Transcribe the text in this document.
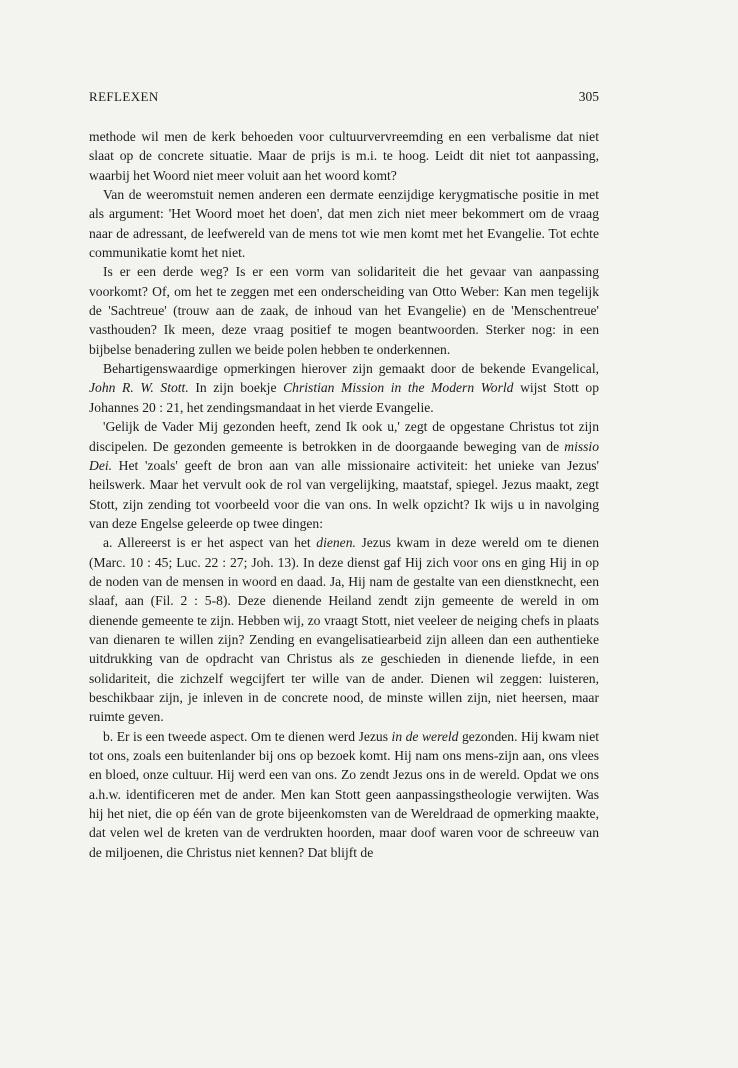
REFLEXEN	305

methode wil men de kerk behoeden voor cultuurvervreemding en een verbalisme dat niet slaat op de concrete situatie. Maar de prijs is m.i. te hoog. Leidt dit niet tot aanpassing, waarbij het Woord niet meer voluit aan het woord komt?

Van de weeromstuit nemen anderen een dermate eenzijdige kerygmatische positie in met als argument: 'Het Woord moet het doen', dat men zich niet meer bekommert om de vraag naar de adressant, de leefwereld van de mens tot wie men komt met het Evangelie. Tot echte communikatie komt het niet.

Is er een derde weg? Is er een vorm van solidariteit die het gevaar van aanpassing voorkomt? Of, om het te zeggen met een onderscheiding van Otto Weber: Kan men tegelijk de 'Sachtreue' (trouw aan de zaak, de inhoud van het Evangelie) en de 'Menschentreue' vasthouden? Ik meen, deze vraag positief te mogen beantwoorden. Sterker nog: in een bijbelse benadering zullen we beide polen hebben te onderkennen.

Behartigenswaardige opmerkingen hierover zijn gemaakt door de bekende Evangelical, John R. W. Stott. In zijn boekje Christian Mission in the Modern World wijst Stott op Johannes 20 : 21, het zendingsmandaat in het vierde Evangelie.

'Gelijk de Vader Mij gezonden heeft, zend Ik ook u,' zegt de opgestane Christus tot zijn discipelen. De gezonden gemeente is betrokken in de doorgaande beweging van de missio Dei. Het 'zoals' geeft de bron aan van alle missionaire activiteit: het unieke van Jezus' heilswerk. Maar het vervult ook de rol van vergelijking, maatstaf, spiegel. Jezus maakt, zegt Stott, zijn zending tot voorbeeld voor die van ons. In welk opzicht? Ik wijs u in navolging van deze Engelse geleerde op twee dingen:

a. Allereerst is er het aspect van het dienen. Jezus kwam in deze wereld om te dienen (Marc. 10 : 45; Luc. 22 : 27; Joh. 13). In deze dienst gaf Hij zich voor ons en ging Hij in op de noden van de mensen in woord en daad. Ja, Hij nam de gestalte van een dienstknecht, een slaaf, aan (Fil. 2 : 5-8). Deze dienende Heiland zendt zijn gemeente de wereld in om dienende gemeente te zijn. Hebben wij, zo vraagt Stott, niet veeleer de neiging chefs in plaats van dienaren te willen zijn? Zending en evangelisatiearbeid zijn alleen dan een authentieke uitdrukking van de opdracht van Christus als ze geschieden in dienende liefde, in een solidariteit, die zichzelf wegcijfert ter wille van de ander. Dienen wil zeggen: luisteren, beschikbaar zijn, je inleven in de concrete nood, de minste willen zijn, niet heersen, maar ruimte geven.

b. Er is een tweede aspect. Om te dienen werd Jezus in de wereld gezonden. Hij kwam niet tot ons, zoals een buitenlander bij ons op bezoek komt. Hij nam ons mens-zijn aan, ons vlees en bloed, onze cultuur. Hij werd een van ons. Zo zendt Jezus ons in de wereld. Opdat we ons a.h.w. identificeren met de ander. Men kan Stott geen aanpassingstheologie verwijten. Was hij het niet, die op één van de grote bijeenkomsten van de Wereldraad de opmerking maakte, dat velen wel de kreten van de verdrukten hoorden, maar doof waren voor de schreeuw van de miljoenen, die Christus niet kennen? Dat blijft de
